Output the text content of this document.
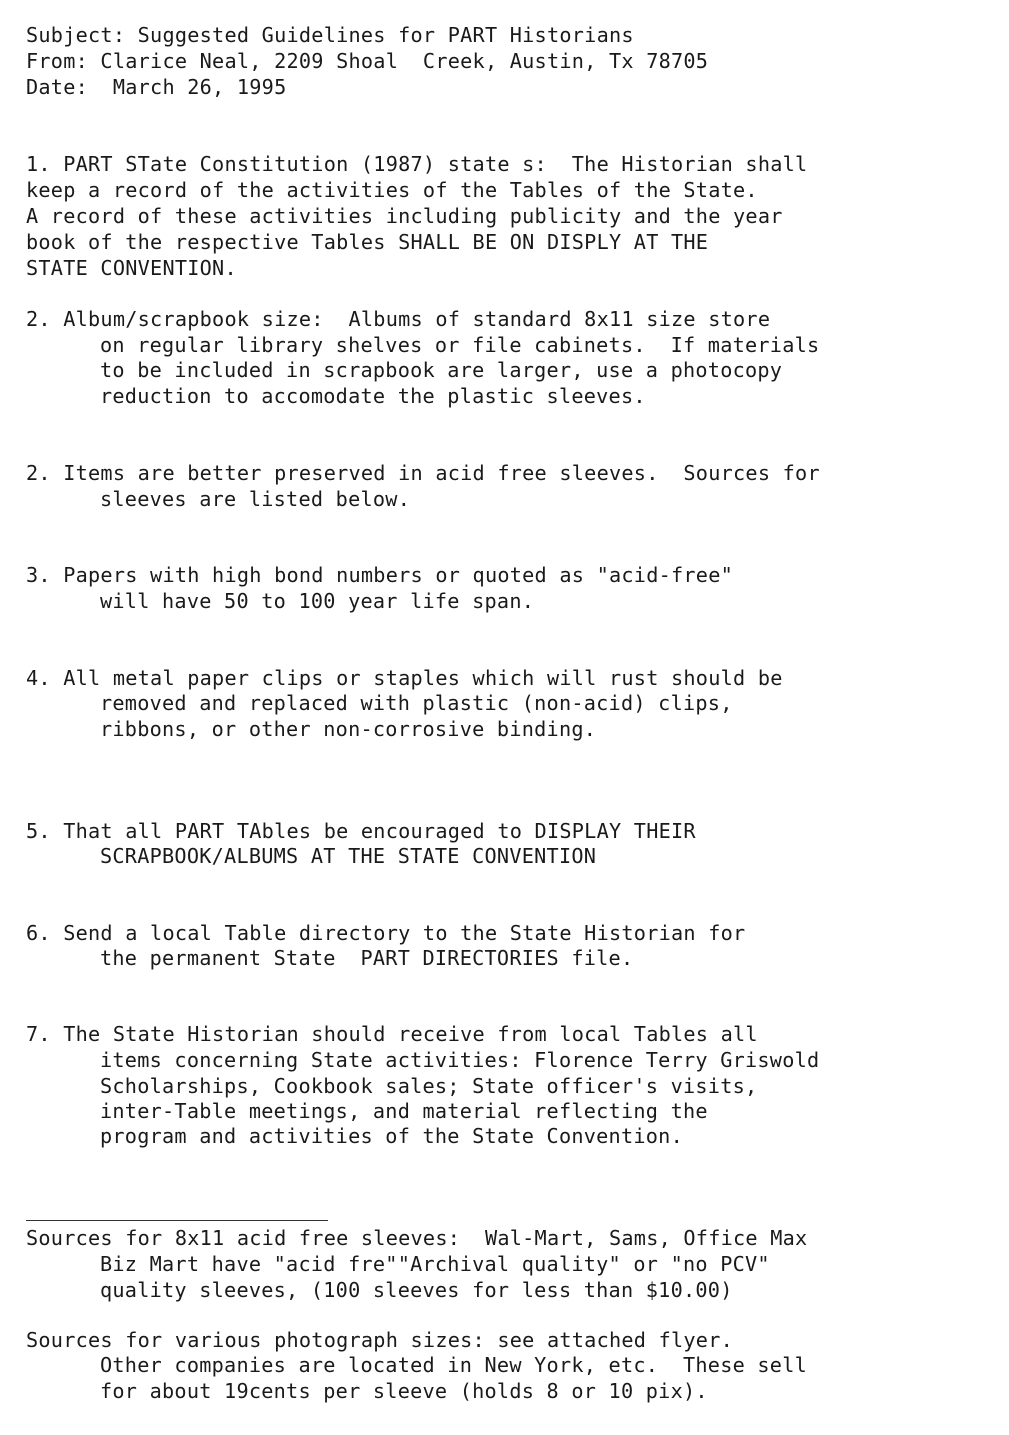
Subject: Suggested Guidelines for PART Historians
From: Clarice Neal, 2209 Shoal  Creek, Austin, Tx 78705
Date:  March 26, 1995
1. PART STate Constitution (1987) state s:  The Historian shall
keep a record of the activities of the Tables of the State.
A record of these activities including publicity and the year
book of the respective Tables SHALL BE ON DISPLY AT THE
STATE CONVENTION.
2. Album/scrapbook size:  Albums of standard 8x11 size store
on regular library shelves or file cabinets.  If materials
to be included in scrapbook are larger, use a photocopy
reduction to accomodate the plastic sleeves.
2. Items are better preserved in acid free sleeves.  Sources for
sleeves are listed below.
3. Papers with high bond numbers or quoted as "acid-free"
will have 50 to 100 year life span.
4. All metal paper clips or staples which will rust should be
removed and replaced with plastic (non-acid) clips,
ribbons, or other non-corrosive binding.
5. That all PART TAbles be encouraged to DISPLAY THEIR
SCRAPBOOK/ALBUMS AT THE STATE CONVENTION
6. Send a local Table directory to the State Historian for
the permanent State  PART DIRECTORIES file.
7. The State Historian should receive from local Tables all
items concerning State activities: Florence Terry Griswold
Scholarships, Cookbook sales; State officer's visits,
inter-Table meetings, and material reflecting the
program and activities of the State Convention.
Sources for 8x11 acid free sleeves:  Wal-Mart, Sams, Office Max
Biz Mart have "acid fre""Archival quality" or "no PCV"
quality sleeves, (100 sleeves for less than $10.00)
Sources for various photograph sizes: see attached flyer.
Other companies are located in New York, etc.  These sell
for about 19cents per sleeve (holds 8 or 10 pix).
